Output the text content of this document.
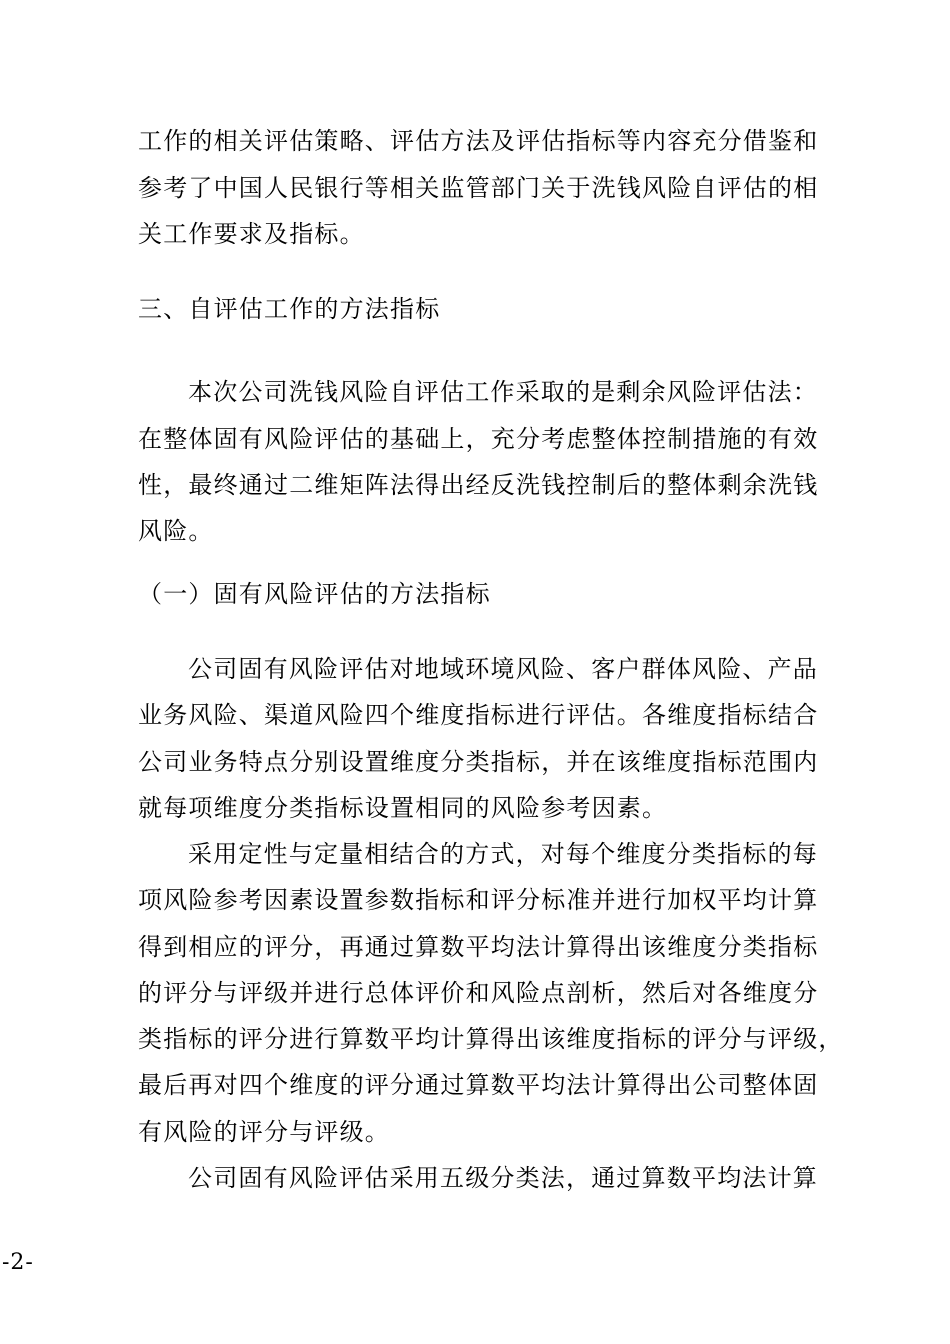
工作的相关评估策略、评估方法及评估指标等内容充分借鉴和
参考了中国人民银行等相关监管部门关于洗钱风险自评估的相
关工作要求及指标。
三、自评估工作的方法指标
本次公司洗钱风险自评估工作采取的是剩余风险评估法：
在整体固有风险评估的基础上，充分考虑整体控制措施的有效
性，最终通过二维矩阵法得出经反洗钱控制后的整体剩余洗钱
风险。
（一）固有风险评估的方法指标
公司固有风险评估对地域环境风险、客户群体风险、产品
业务风险、渠道风险四个维度指标进行评估。各维度指标结合
公司业务特点分别设置维度分类指标，并在该维度指标范围内
就每项维度分类指标设置相同的风险参考因素。
采用定性与定量相结合的方式，对每个维度分类指标的每
项风险参考因素设置参数指标和评分标准并进行加权平均计算
得到相应的评分，再通过算数平均法计算得出该维度分类指标
的评分与评级并进行总体评价和风险点剖析，然后对各维度分
类指标的评分进行算数平均计算得出该维度指标的评分与评级，
最后再对四个维度的评分通过算数平均法计算得出公司整体固
有风险的评分与评级。
公司固有风险评估采用五级分类法，通过算数平均法计算
-2-
